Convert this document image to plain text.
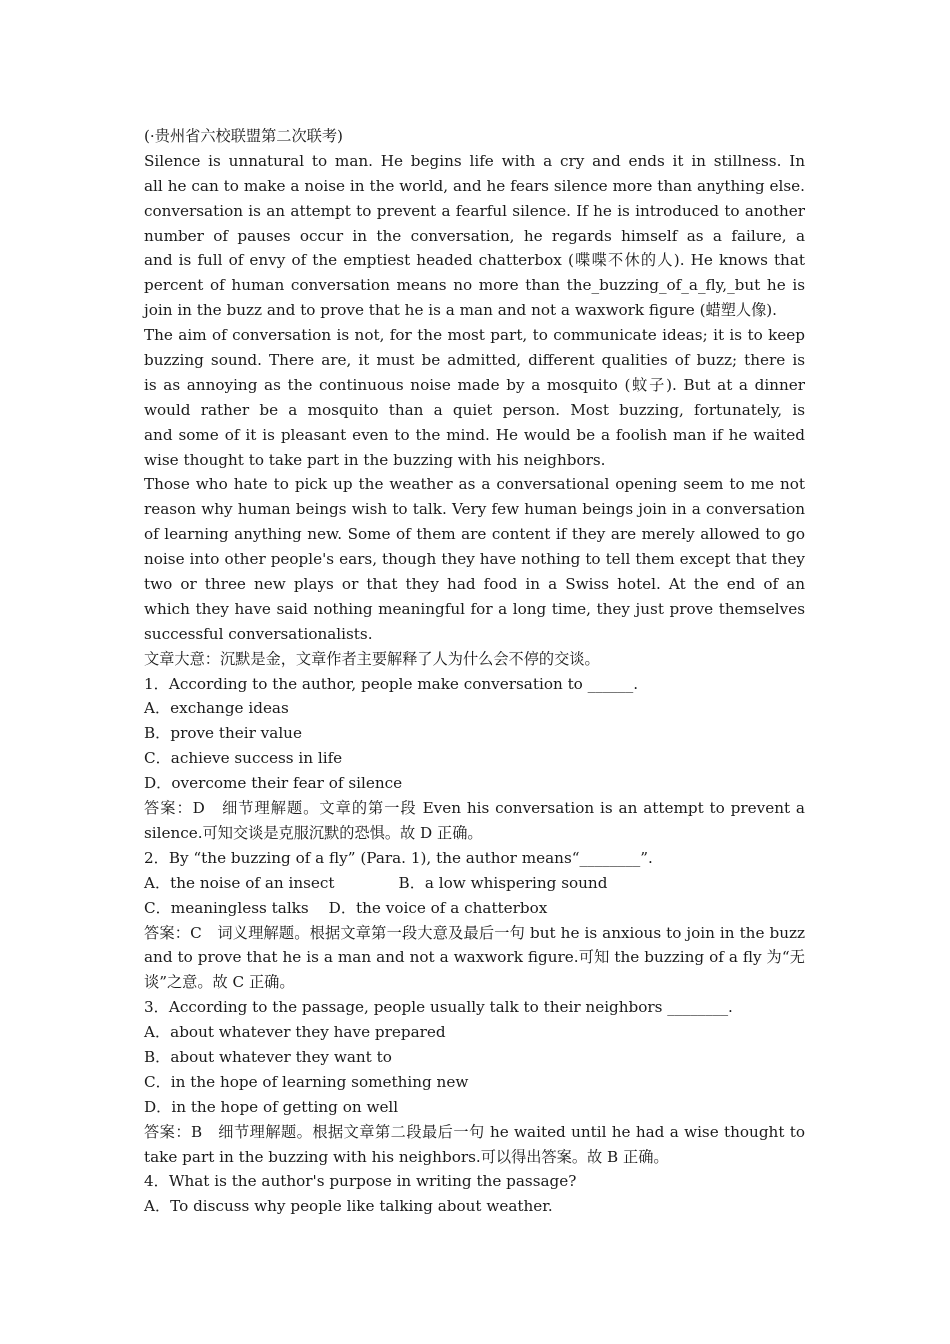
(·贵州省六校联盟第二次联考)
Silence is unnatural to man. He begins life with a cry and ends it in stillness. In
all he can to make a noise in the world, and he fears silence more than anything else.
conversation is an attempt to prevent a fearful silence. If he is introduced to another
number of pauses occur in the conversation, he regards himself as a failure, a
and is full of envy of the emptiest headed chatterbox (喋喋不休的人). He knows that
percent of human conversation means no more than the_buzzing_of_a_fly,_but he is
join in the buzz and to prove that he is a man and not a waxwork figure (蜡塑人像).
The aim of conversation is not, for the most part, to communicate ideas; it is to keep
buzzing sound. There are, it must be admitted, different qualities of buzz; there is
is as annoying as the continuous noise made by a mosquito (蚊子). But at a dinner
would rather be a mosquito than a quiet person. Most buzzing, fortunately, is
and some of it is pleasant even to the mind. He would be a foolish man if he waited
wise thought to take part in the buzzing with his neighbors.
Those who hate to pick up the weather as a conversational opening seem to me not
reason why human beings wish to talk. Very few human beings join in a conversation
of learning anything new. Some of them are content if they are merely allowed to go
noise into other people's ears, though they have nothing to tell them except that they
two or three new plays or that they had food in a Swiss hotel. At the end of an
which they have said nothing meaningful for a long time, they just prove themselves
successful conversationalists.
文章大意：沉默是金，文章作者主要解释了人为什么会不停的交谈。
1．According to the author, people make conversation to ______.
A．exchange ideas
B．prove their value
C．achieve success in life
D．overcome their fear of silence
答案：D　细节理解题。文章的第一段 Even his conversation is an attempt to prevent a
silence.可知交谈是克服沉默的恐惧。故 D 正确。
2．By “the buzzing of a fly” (Para. 1), the author means“________”.
A．the noise of an insect	B．a low whispering sound
C．meaningless talks D．the voice of a chatterbox
答案：C　词义理解题。根据文章第一段大意及最后一句 but he is anxious to join in the buzz
and to prove that he is a man and not a waxwork figure.可知 the buzzing of a fly 为“无
谈”之意。故 C 正确。
3．According to the passage, people usually talk to their neighbors ________.
A．about whatever they have prepared
B．about whatever they want to
C．in the hope of learning something new
D．in the hope of getting on well
答案：B　细节理解题。根据文章第二段最后一句 he waited until he had a wise thought to
take part in the buzzing with his neighbors.可以得出答案。故 B 正确。
4．What is the author's purpose in writing the passage?
A．To discuss why people like talking about weather.
